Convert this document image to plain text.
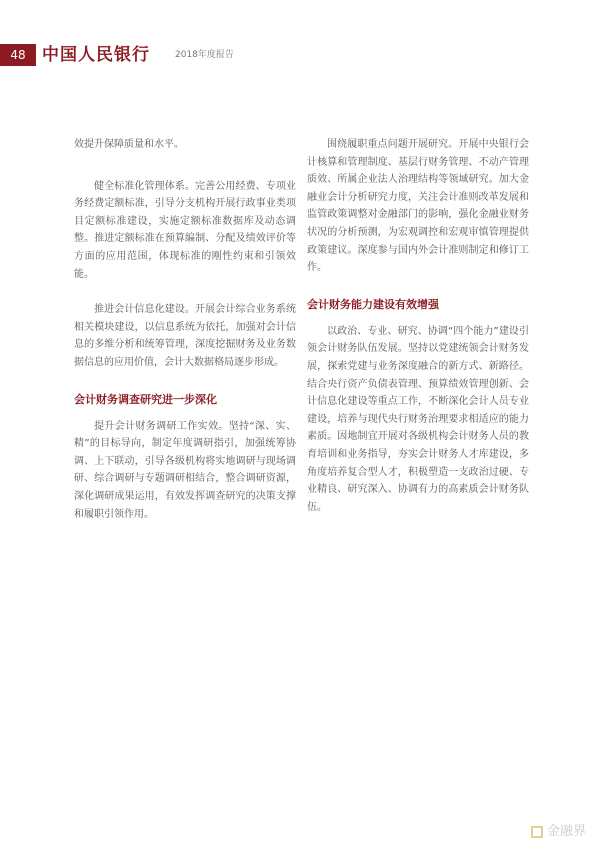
48 中国人民银行	2018年度报告

效提升保障质量和水平。

健全标准化管理体系。完善公用经费、专项业务经费定额标准，引导分支机构开展行政事业类项目定额标准建设，实施定额标准数据库及动态调整。推进定额标准在预算编制、分配及绩效评价等方面的应用范围，体现标准的刚性约束和引领效能。

推进会计信息化建设。开展会计综合业务系统相关模块建设，以信息系统为依托，加强对会计信息的多维分析和统筹管理，深度挖掘财务及业务数据信息的应用价值，会计大数据格局逐步形成。

会计财务调查研究进一步深化

提升会计财务调研工作实效。坚持“深、实、精”的目标导向，制定年度调研指引，加强统筹协调、上下联动，引导各级机构将实地调研与现场调研、综合调研与专题调研相结合，整合调研资源，深化调研成果运用，有效发挥调查研究的决策支撑和履职引领作用。

围绕履职重点问题开展研究。开展中央银行会计核算和管理制度、基层行财务管理、不动产管理质效、所属企业法人治理结构等领域研究。加大金融业会计分析研究力度，关注会计准则改革发展和监管政策调整对金融部门的影响，强化金融业财务状况的分析预测，为宏观调控和宏观审慎管理提供政策建议。深度参与国内外会计准则制定和修订工作。

会计财务能力建设有效增强

以政治、专业、研究、协调“四个能力”建设引领会计财务队伍发展。坚持以党建统领会计财务发展，探索党建与业务深度融合的新方式、新路径。结合央行资产负债表管理、预算绩效管理创新、会计信息化建设等重点工作，不断深化会计人员专业建设，培养与现代央行财务治理要求相适应的能力素质。因地制宜开展对各级机构会计财务人员的教育培训和业务指导，夯实会计财务人才库建设，多角度培养复合型人才，积极塑造一支政治过硬、专业精良、研究深入、协调有力的高素质会计财务队伍。

金融界
